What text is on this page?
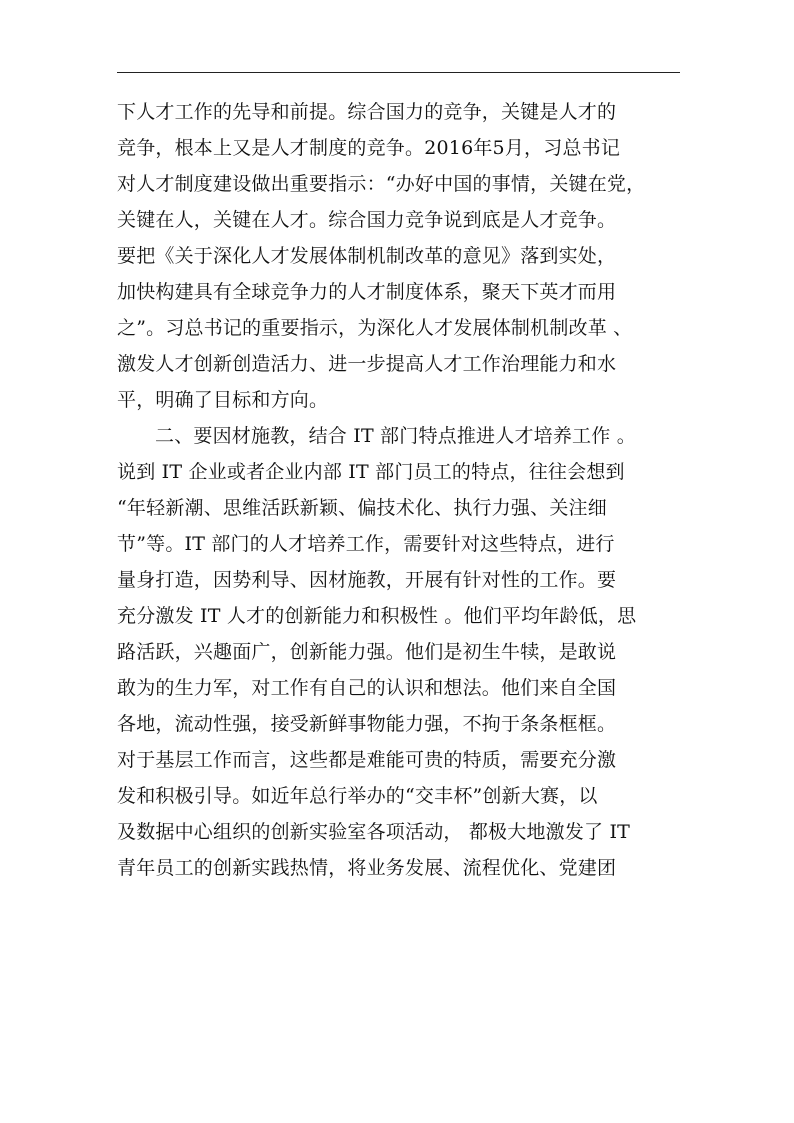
下人才工作的先导和前提。综合国力的竞争，关键是人才的
竞争，根本上又是人才制度的竞争。2016年5月，习总书记
对人才制度建设做出重要指示：“办好中国的事情，关键在党，
关键在人，关键在人才。综合国力竞争说到底是人才竞争。
要把《关于深化人才发展体制机制改革的意见》落到实处，
加快构建具有全球竞争力的人才制度体系，聚天下英才而用
之”。习总书记的重要指示，为深化人才发展体制机制改革 、
激发人才创新创造活力、进一步提高人才工作治理能力和水
平，明确了目标和方向。
二、要因材施教，结合 IT 部门特点推进人才培养工作 。
说到 IT 企业或者企业内部 IT 部门员工的特点，往往会想到
“年轻新潮、思维活跃新颖、偏技术化、执行力强、关注细
节”等。IT 部门的人才培养工作，需要针对这些特点，进行
量身打造，因势利导、因材施教，开展有针对性的工作。要
充分激发 IT 人才的创新能力和积极性 。他们平均年龄低，思
路活跃，兴趣面广，创新能力强。他们是初生牛犊，是敢说
敢为的生力军，对工作有自己的认识和想法。他们来自全国
各地，流动性强，接受新鲜事物能力强，不拘于条条框框。
对于基层工作而言，这些都是难能可贵的特质，需要充分激
发和积极引导。如近年总行举办的“交丰杯”创新大赛，以
及数据中心组织的创新实验室各项活动， 都极大地激发了 IT
青年员工的创新实践热情，将业务发展、流程优化、党建团
